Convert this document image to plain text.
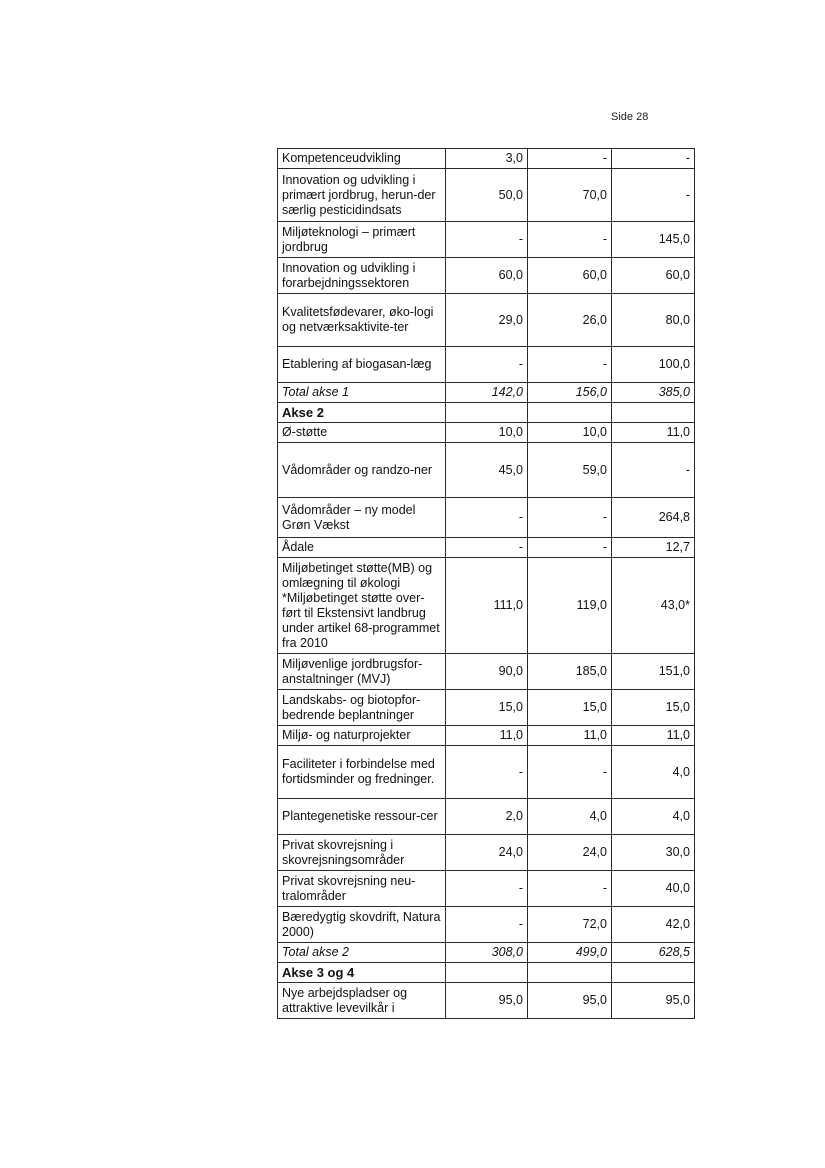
Side 28
Kompetenceudvikling	3,0	-	-
Innovation og udvikling i primært jordbrug, herun-der særlig pesticidindsats	50,0	70,0	-
Miljøteknologi – primært jordbrug	-	-	145,0
Innovation og udvikling i forarbejdningssektoren	60,0	60,0	60,0
Kvalitetsfødevarer, øko-logi og netværksaktivite-ter	29,0	26,0	80,0
Etablering af biogasan-læg	-	-	100,0
Total akse 1	142,0	156,0	385,0
Akse 2			
Ø-støtte	10,0	10,0	11,0
Vådområder og randzo-ner	45,0	59,0	-
Vådområder – ny model Grøn Vækst	-	-	264,8
Ådale	-	-	12,7
Miljøbetinget støtte(MB) og omlægning til økologi *Miljøbetinget støtte over-ført til Ekstensivt landbrug under artikel 68-programmet fra 2010	111,0	119,0	43,0*
Miljøvenlige jordbrugsfor-anstaltninger (MVJ)	90,0	185,0	151,0
Landskabs- og biotopfor-bedrende beplantninger	15,0	15,0	15,0
Miljø- og naturprojekter	11,0	11,0	11,0
Faciliteter i forbindelse med fortidsminder og fredninger.	-	-	4,0
Plantegenetiske ressour-cer	2,0	4,0	4,0
Privat skovrejsning i skovrejsningsområder	24,0	24,0	30,0
Privat skovrejsning neu-tralområder	-	-	40,0
Bæredygtig skovdrift, Natura 2000)	-	72,0	42,0
Total akse 2	308,0	499,0	628,5
Akse 3 og 4			
Nye arbejdspladser og attraktive levevilkår i	95,0	95,0	95,0
